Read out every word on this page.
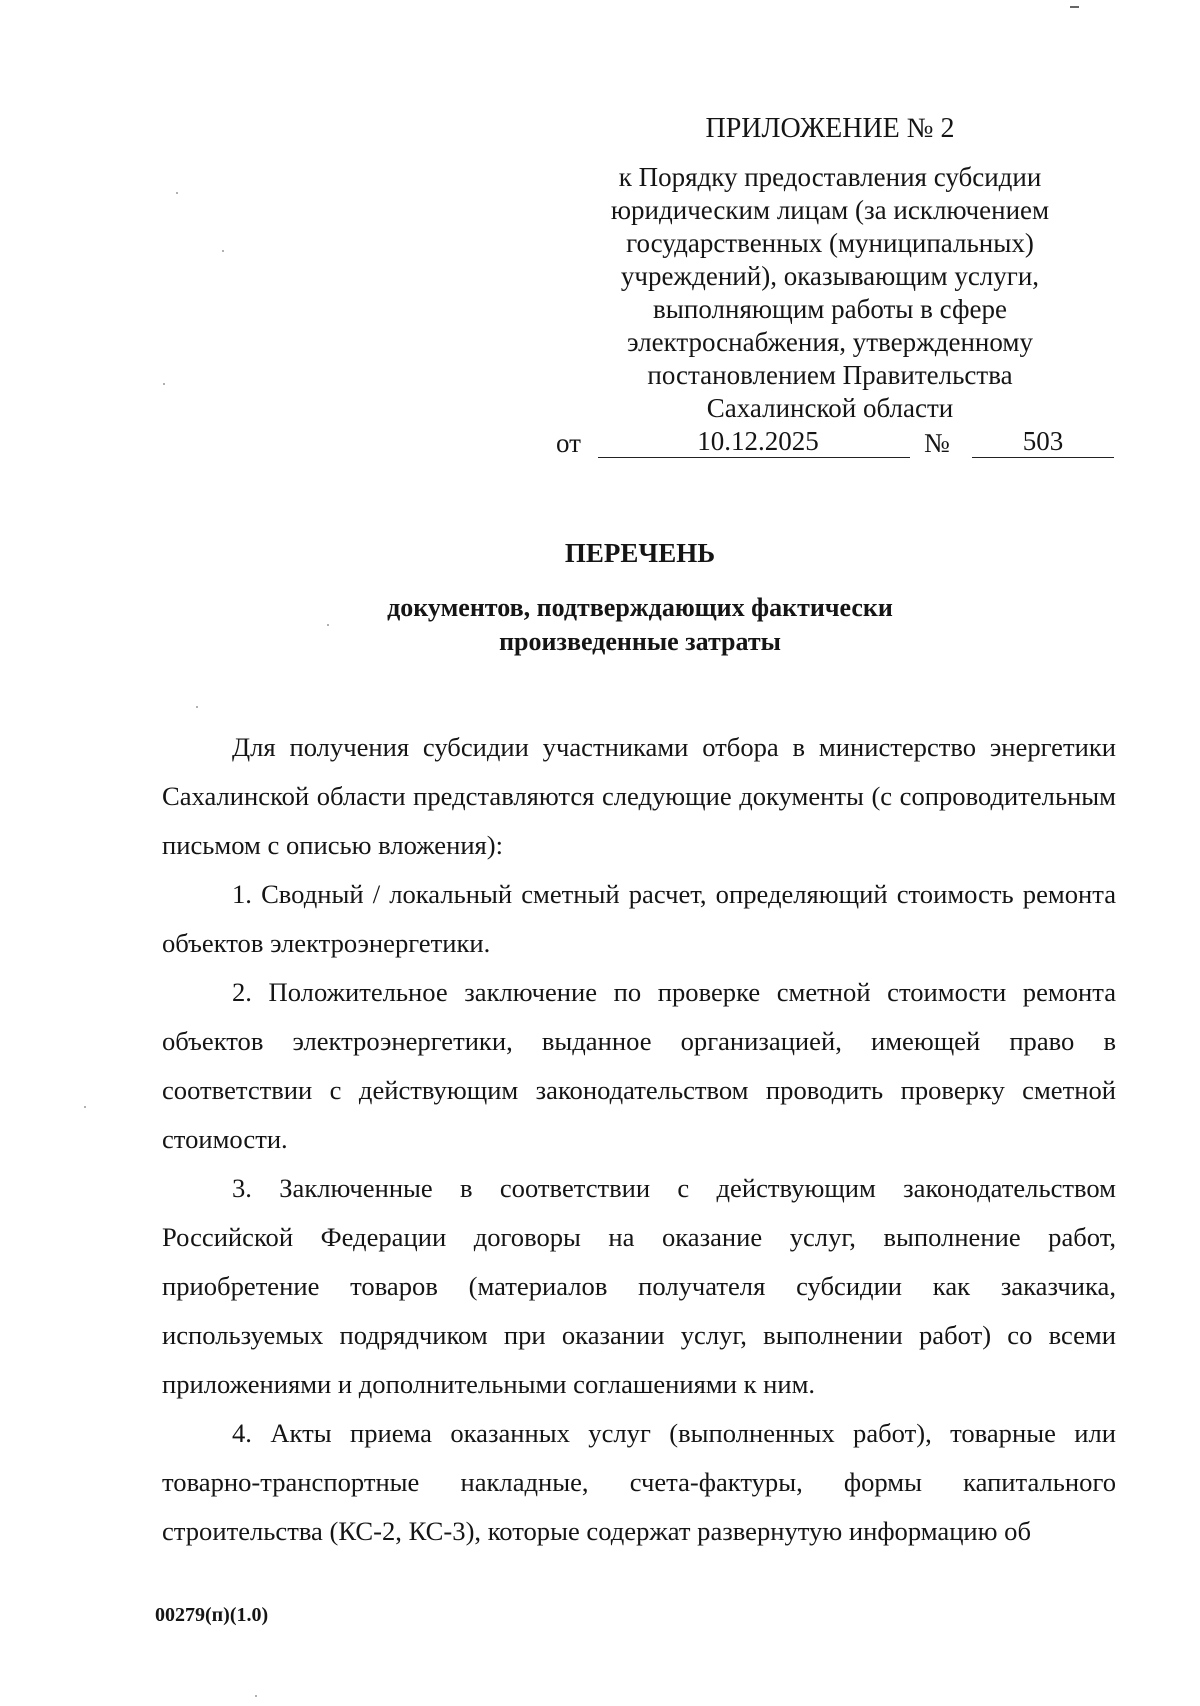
ПРИЛОЖЕНИЕ № 2
к Порядку предоставления субсидии
юридическим лицам (за исключением
государственных (муниципальных)
учреждений), оказывающим услуги,
выполняющим работы в сфере
электроснабжения, утвержденному
постановлением Правительства
Сахалинской области
от	10.12.2025	№	503
ПЕРЕЧЕНЬ
документов, подтверждающих фактически
произведенные затраты

Для получения субсидии участниками отбора в министерство энергетики Сахалинской области представляются следующие документы (с сопроводительным письмом с описью вложения):

1. Сводный / локальный сметный расчет, определяющий стоимость ремонта объектов электроэнергетики.

2. Положительное заключение по проверке сметной стоимости ремонта объектов электроэнергетики, выданное организацией, имеющей право в соответствии с действующим законодательством проводить проверку сметной стоимости.

3. Заключенные в соответствии с действующим законодательством Российской Федерации договоры на оказание услуг, выполнение работ, приобретение товаров (материалов получателя субсидии как заказчика, используемых подрядчиком при оказании услуг, выполнении работ) со всеми приложениями и дополнительными соглашениями к ним.

4. Акты приема оказанных услуг (выполненных работ), товарные или товарно-транспортные накладные, счета-фактуры, формы капитального строительства (КС-2, КС-3), которые содержат развернутую информацию об

00279(п)(1.0)
